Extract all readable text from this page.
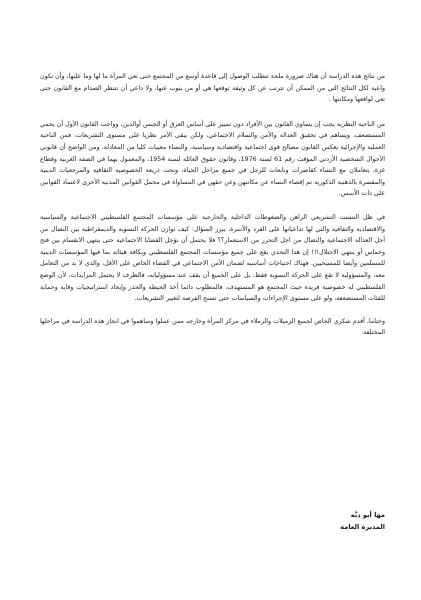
من نتائج هذه الدراسة أن هناك ضرورة ملحة تتطلب الوصول إلى قاعدة أوسع من المجتمع حتى تعي المرأة ما لها وما عليها، وأن تكون واعية لكل النتائج التي من الممكن أن تترتب عن كل وثيقة توقعها هي أو من ينوب عنها، ولا داعي أن تنتظر الصدام مع القانون حتى تعي لواقعها ومكانتها .

من الناحية النظرية يجب إن يساوي القانون بين الأفراد دون تمييز على أساس العرق أو الجنس أوالدين، وواجب القانون الأول أن يحمي المستضعف، ويساهم في تحقيق العدالة والأمن والسلام الاجتماعي، ولكن يبقى الأمر نظريا على مستوى التشريعات، فمن الناحية العملية والإجرائية يعكس القانون مصالح قوى اجتماعية واقتصادية وسياسية، والنساء مغيبات كليا من المعادلة. ومن الواضح أن قانوني الأحوال الشخصية الأردني المؤقت رقم 61 لسنة 1976، وقانون حقوق العائلة لسنة 1954، والمعمول بهما في الضفة الغربية وقطاع غزة، يتعاملان مع النساء كقاصرات وتابعات للرجل في جميع مراحل الحياة، وتحت ذريعة الخصوصية الثقافية والمرجعيات الدينية والمفسرة بالذهنية الذكورية تم إقصاء النساء عن مكانتهن وعن حقهن في المساواة في مجمل القوانين المدنية الأخرى لاعتماد القوانين على ذات الأسس.

في ظل التشتت التشريعي الراهن والضغوطات الداخلية والخارجية على مؤسسات المجتمع الفلسطيني الاجتماعية والسياسية والاقتصادية والثقافية والتي لها تداعياتها على الفرد والأسرة، يبرز السؤال: كيف توازن الحركة النسوية والديمقراطية بين النضال من أجل العدالة الاجتماعية والنضال من اجل التحرر من الاستعمار؟؟ فلا يحتمل أن نؤجل القضايا الاجتماعية حتى ينتهي الانقسام بين فتح وحماس أو ينتهي الاحتلال!!! إن هذا التحدي يقع على جميع مؤسسات المجتمع الفلسطيني وبكافة هيئاته بما فيها المؤسسات الدينية للمسلمين وأيضا للمسيحيين. فهناك احتياجات أساسيه لضمان الأمن الاجتماعي في الفضاء الخاص على الأقل، والذي لا بد من التعامل معه، والمسؤولية لا تقع على الحركة النسوية فقط، بل على الجميع أن يقف عند مسؤولياته، فالظرف لا يحتمل المزايدات، لأن الوضع الفلسطيني له خصوصية فريدة حيث المجتمع هو المستهدف، فالمطلوب دائما أخذ الحيطة والحذر وإيجاد استراتيجيات وقاية وحماية للفئات المستضعفة، ولو على مستوى الإجراءات والسياسات حتى تسنح الفرصة لتغيير التشريعات.

وختاما، أقدم شكري الخاص لجميع الزميلات والزملاء في مركز المرأة وخارجه ممن عملوا وساهموا في انجاز هذه الدراسة في مراحلها المختلفة.

مها أبو ديَّه
المديرة العامة
